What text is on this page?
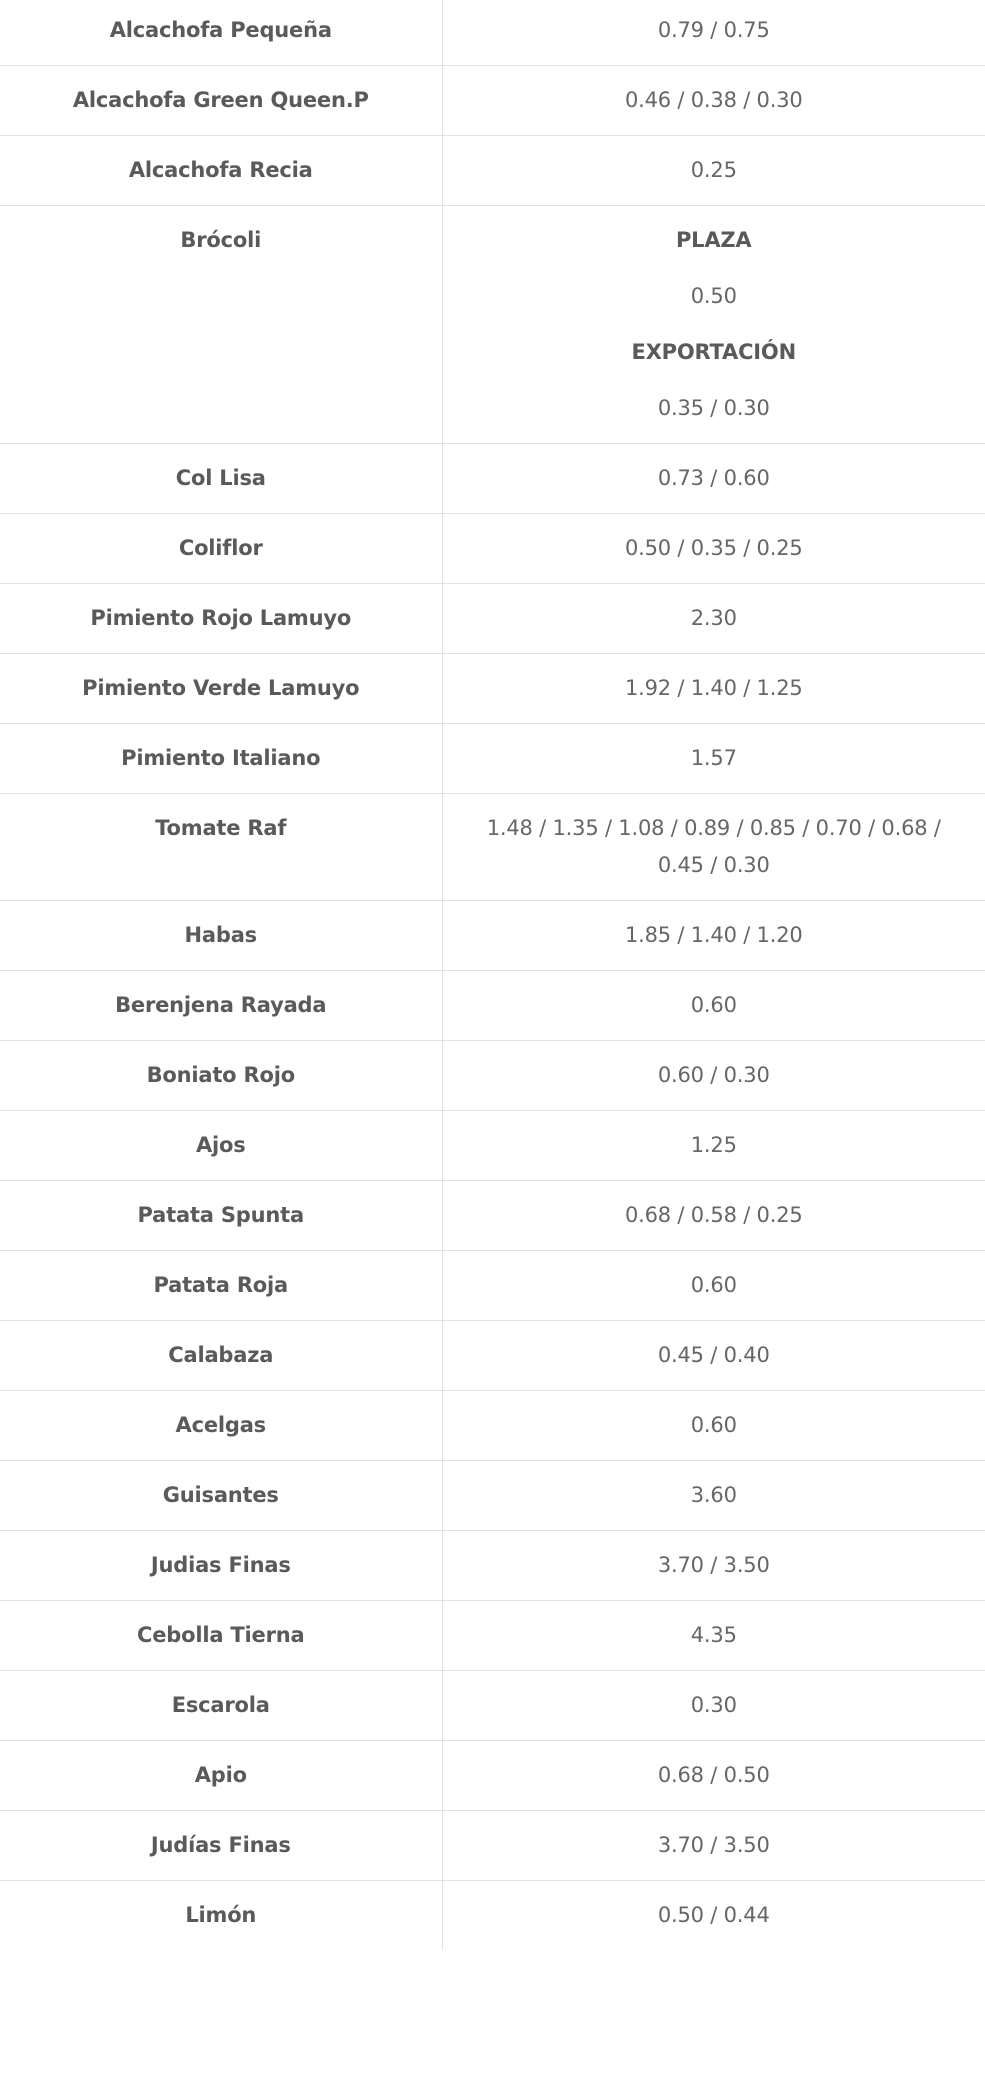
Alcachofa Pequeña	0.79 / 0.75
Alcachofa Green Queen.P	0.46 / 0.38 / 0.30
Alcachofa Recia	0.25
Brócoli	PLAZA
0.50
EXPORTACIÓN
0.35 / 0.30

Col Lisa	0.73 / 0.60
Coliflor	0.50 / 0.35 / 0.25
Pimiento Rojo Lamuyo	2.30
Pimiento Verde Lamuyo	1.92 / 1.40 / 1.25
Pimiento Italiano	1.57
Tomate Raf	1.48 / 1.35 / 1.08 / 0.89 / 0.85 / 0.70 / 0.68 / 0.45 / 0.30
Habas	1.85 / 1.40 / 1.20
Berenjena Rayada	0.60
Boniato Rojo	0.60 / 0.30
Ajos	1.25
Patata Spunta	0.68 / 0.58 / 0.25
Patata Roja	0.60
Calabaza	0.45 / 0.40
Acelgas	0.60
Guisantes	3.60
Judias Finas	3.70 / 3.50
Cebolla Tierna	4.35
Escarola	0.30
Apio	0.68 / 0.50
Judías Finas	3.70 / 3.50
Limón	0.50 / 0.44
